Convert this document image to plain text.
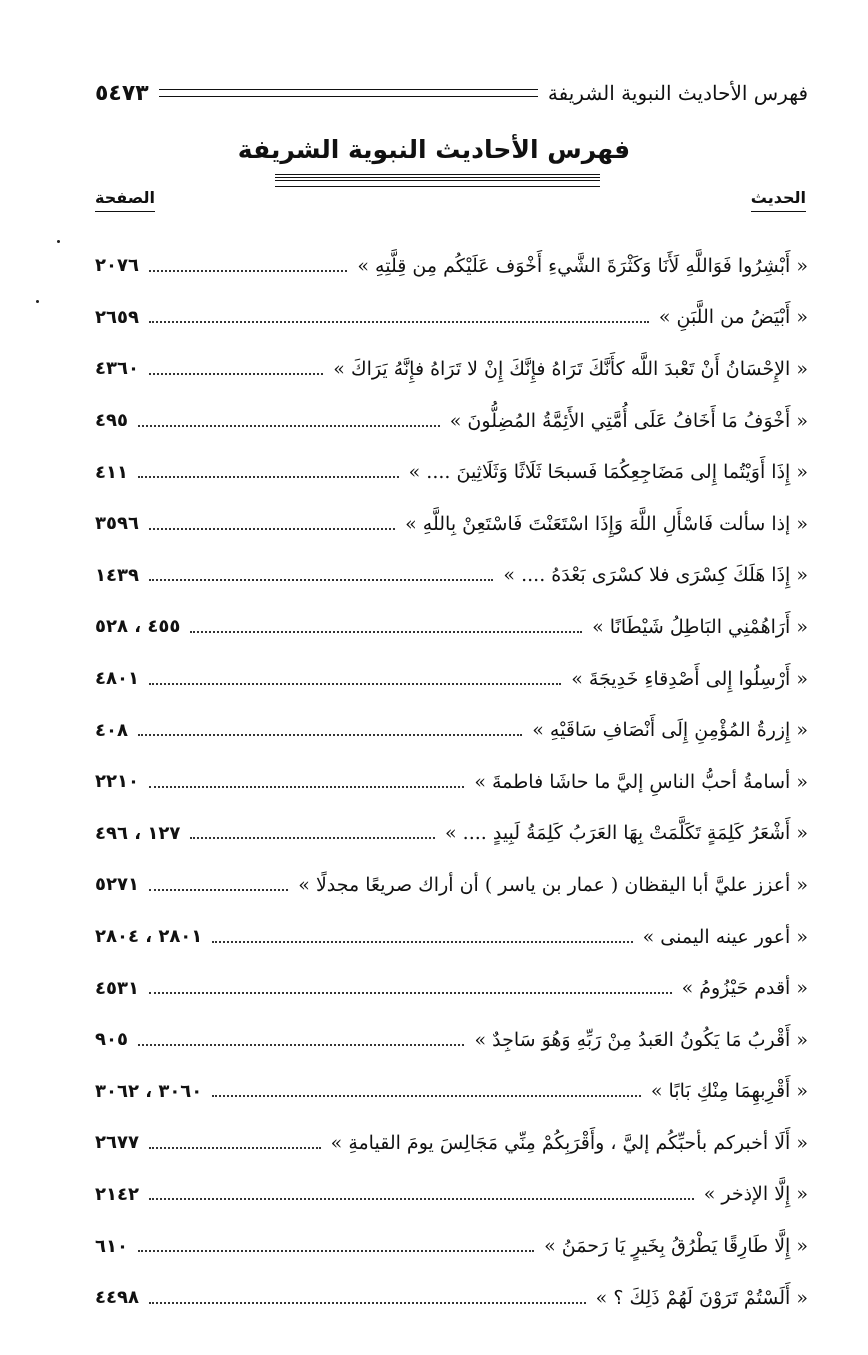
فهرس الأحاديث النبوية الشريفة
٥٤٧٣
فهرس الأحاديث النبوية الشريفة
الحديث
الصفحة
« أَبْشِرُوا فَوَاللَّهِ لَأَنَا وَكَثْرَةَ الشَّيءِ أَخْوَف عَلَيْكُم مِن قِلَّتِهِ »
٢٠٧٦
« أَبْيَضُ من اللَّبَنِ »
٢٦٥٩
« الإِحْسَانُ أَنْ تَعْبدَ اللَّه كأَنَّكَ تَرَاهُ فإِنَّكَ إِنْ لا تَرَاهُ فإِنَّهُ يَرَاكَ »
٤٣٦٠
« أَخْوَفُ مَا أَخَافُ عَلَى أُمَّتِي الأَئِمَّةُ المُضِلُّونَ »
٤٩٥
« إِذَا أَوَيْتُما إِلى مَضَاجِعِكُمَا فَسبحَا ثَلَاثًا وَثَلَاثِينَ .... »
٤١١
« إذا سألت فَاسْأَلِ اللَّهَ وَإِذَا اسْتَعَنْتَ فَاسْتَعِنْ بِاللَّهِ »
٣٥٩٦
« إِذَا هَلَكَ كِسْرَى فلا كسْرَى بَعْدَهُ .... »
١٤٣٩
« أَرَاهُمْنِي البَاطِلُ شَيْطَانًا »
٤٥٥ ، ٥٢٨
« أَرْسِلُوا إِلى أَصْدِقاءِ خَدِيجَةَ »
٤٨٠١
« إِزرةُ المُؤْمِنِ إِلَى أَنْصَافِ سَاقَيْهِ »
٤٠٨
« أسامةُ أحبُّ الناسِ إليَّ ما حاشَا فاطمةَ »
٢٢١٠
« أَشْعَرُ كَلِمَةٍ تَكَلَّمَتْ بِهَا العَرَبُ كَلِمَةُ لَبِيدٍ .... »
١٢٧ ، ٤٩٦
« أعزز عليَّ أبا اليقظان ( عمار بن ياسر ) أن أراك صريعًا مجدلًا »
٥٢٧١
« أعور عينه اليمنى »
٢٨٠١ ، ٢٨٠٤
« أقدم حَيْزُومُ »
٤٥٣١
« أَقْربُ مَا يَكُونُ العَبدُ مِنْ رَبِّهِ وَهُوَ سَاجِدٌ »
٩٠٥
« أَقْرِبهِمَا مِنْكِ بَابًا »
٣٠٦٠ ، ٣٠٦٢
« أَلَا أخبركم بأحبِّكُم إليَّ ، وأَقْرَبِكُمْ مِنِّي مَجَالِسَ يومَ القيامةِ »
٢٦٧٧
« إِلَّا الإذخر »
٢١٤٢
« إِلَّا طَارِقًا يَطْرُقُ بِخَيرٍ يَا رَحمَنُ »
٦١٠
« أَلَسْتُمْ تَرَوْنَ لَهُمْ ذَلِكَ ؟ »
٤٤٩٨
